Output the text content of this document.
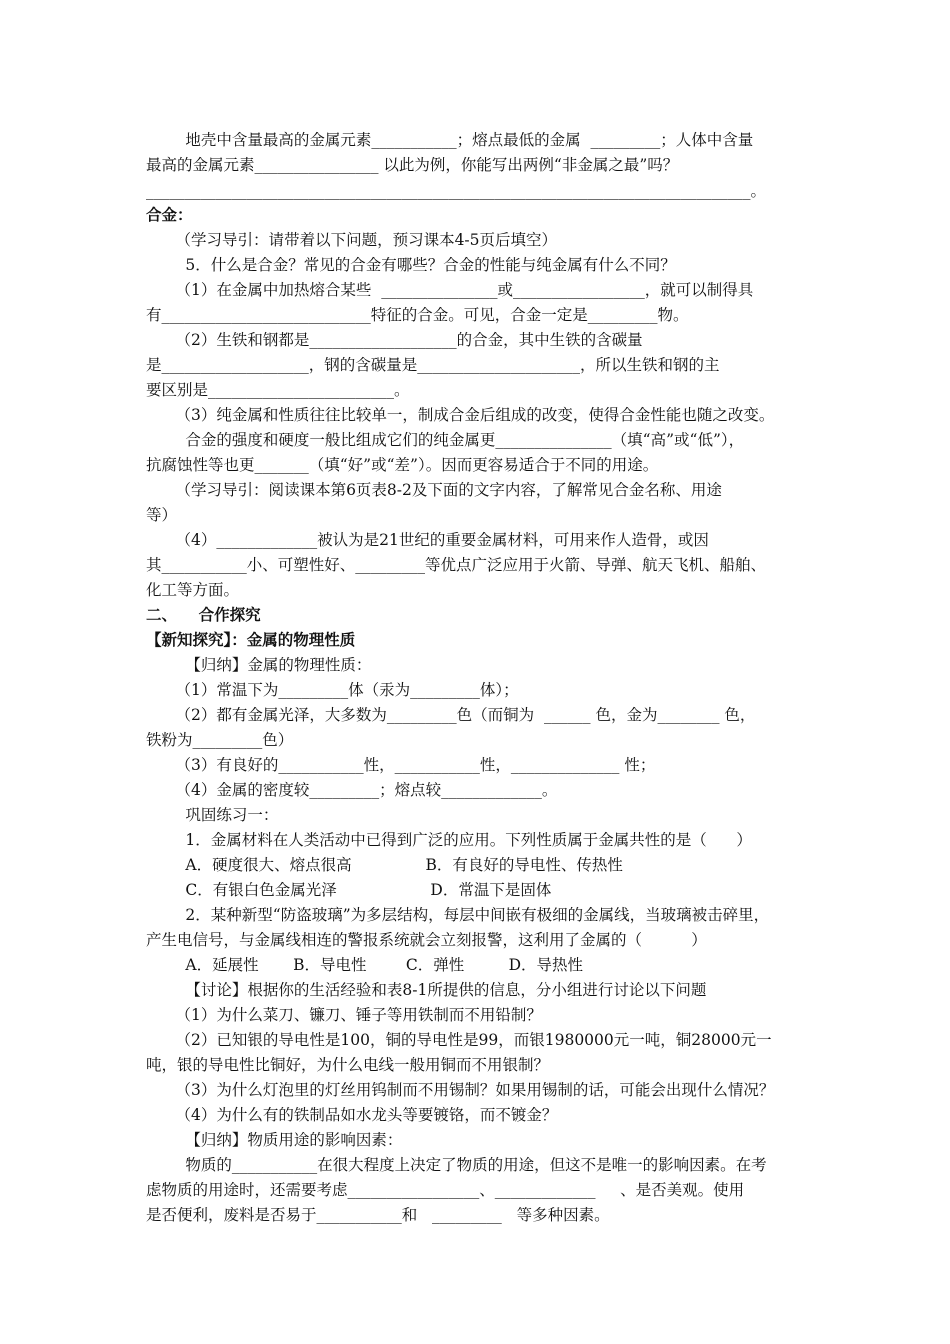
地壳中含量最高的金属元素___________；熔点最低的金属  _________；人体中含量
最高的金属元素________________ 以此为例，你能写出两例“非金属之最”吗？
______________________________________________________________________________。
合金：
（学习导引：请带着以下问题，预习课本4-5页后填空）
5．什么是合金？常见的合金有哪些？合金的性能与纯金属有什么不同？
（1）在金属中加热熔合某些  _______________或_________________，就可以制得具
有___________________________特征的合金。可见，合金一定是_________物。
（2）生铁和钢都是___________________的合金，其中生铁的含碳量
是___________________，钢的含碳量是_____________________，所以生铁和钢的主
要区别是________________________。
（3）纯金属和性质往往比较单一，制成合金后组成的改变，使得合金性能也随之改变。
合金的强度和硬度一般比组成它们的纯金属更_______________（填“高”或“低”），
抗腐蚀性等也更_______（填“好”或“差”）。因而更容易适合于不同的用途。
（学习导引：阅读课本第6页表8-2及下面的文字内容，了解常见合金名称、用途
等）
（4）_____________被认为是21世纪的重要金属材料，可用来作人造骨，或因
其___________小、可塑性好、_________等优点广泛应用于火箭、导弹、航天飞机、船舶、
化工等方面。
二、    合作探究
【新知探究】：金属的物理性质
【归纳】金属的物理性质：
（1）常温下为_________体（汞为_________体）；
（2）都有金属光泽，大多数为_________色（而铜为  ______ 色，金为________ 色，
铁粉为_________色）
（3）有良好的___________性，___________性，______________ 性；
（4）金属的密度较_________；熔点较_____________。
巩固练习一：
1．金属材料在人类活动中已得到广泛的应用。下列性质属于金属共性的是（      ）
A．硬度很大、熔点很高               B．有良好的导电性、传热性
C．有银白色金属光泽                   D．常温下是固体
2．某种新型“防盗玻璃”为多层结构，每层中间嵌有极细的金属线，当玻璃被击碎里，
产生电信号，与金属线相连的警报系统就会立刻报警，这利用了金属的（          ）
A．延展性       B．导电性        C．弹性         D．导热性
【讨论】根据你的生活经验和表8-1所提供的信息，分小组进行讨论以下问题
（1）为什么菜刀、镰刀、锤子等用铁制而不用铅制？
（2）已知银的导电性是100，铜的导电性是99，而银1980000元一吨，铜28000元一
吨，银的导电性比铜好，为什么电线一般用铜而不用银制？
（3）为什么灯泡里的灯丝用钨制而不用锡制？如果用锡制的话，可能会出现什么情况？
（4）为什么有的铁制品如水龙头等要镀铬，而不镀金？
【归纳】物质用途的影响因素：
物质的___________在很大程度上决定了物质的用途，但这不是唯一的影响因素。在考
虑物质的用途时，还需要考虑_________________、_____________     、是否美观。使用
是否便利，废料是否易于___________和   _________   等多种因素。
